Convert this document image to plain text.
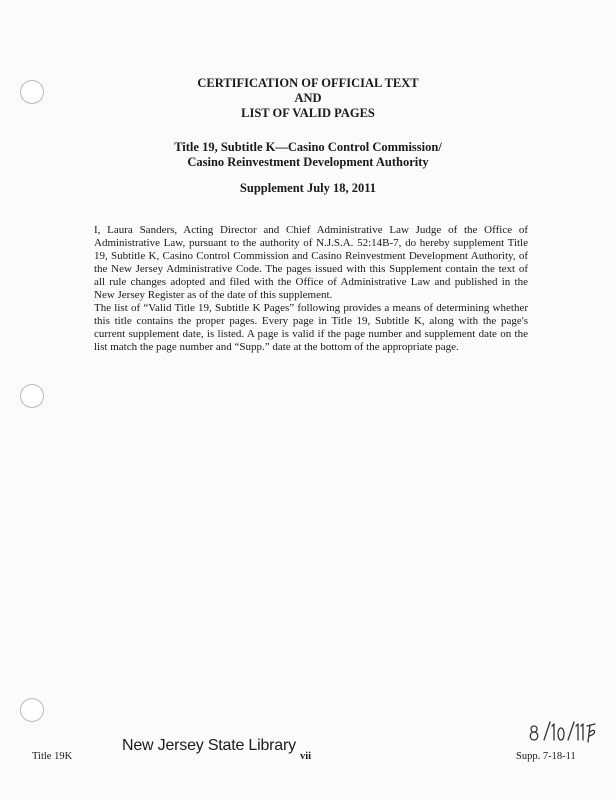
CERTIFICATION OF OFFICIAL TEXT
AND
LIST OF VALID PAGES
Title 19, Subtitle K—Casino Control Commission/
Casino Reinvestment Development Authority
Supplement July 18, 2011

I, Laura Sanders, Acting Director and Chief Administrative Law Judge of the Office of Administrative Law, pursuant to the authority of N.J.S.A. 52:14B-7, do hereby supplement Title 19, Subtitle K, Casino Control Commission and Casino Reinvestment Development Authority, of the New Jersey Administrative Code. The pages issued with this Supplement contain the text of all rule changes adopted and filed with the Office of Administrative Law and published in the New Jersey Register as of the date of this supplement.

The list of “Valid Title 19, Subtitle K Pages” following provides a means of determining whether this title contains the proper pages. Every page in Title 19, Subtitle K, along with the page's current supplement date, is listed. A page is valid if the page number and supplement date on the list match the page number and “Supp.” date at the bottom of the appropriate page.

Title 19K
New Jersey State Library
vii	Supp. 7-18-11
